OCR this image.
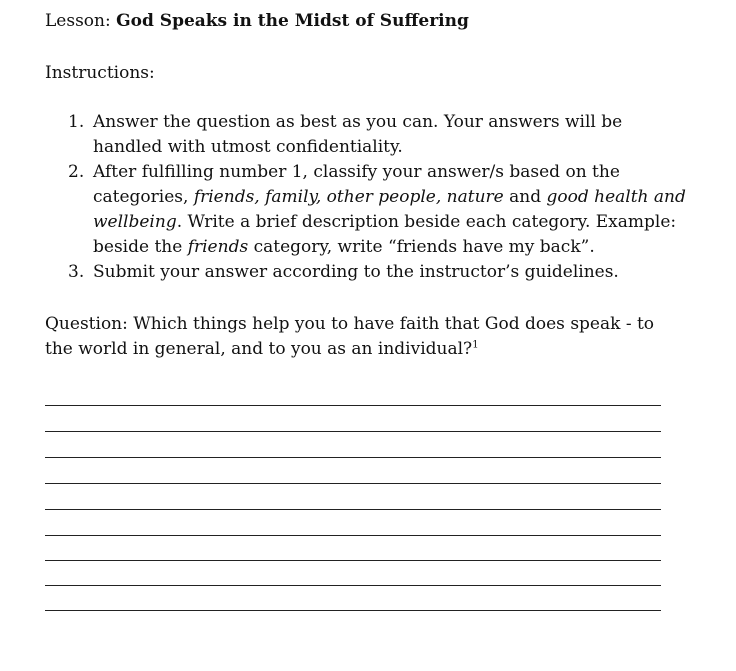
Lesson: God Speaks in the Midst of Suffering
Instructions:
1. Answer the question as best as you can. Your answers will be handled with utmost confidentiality.
2. After fulfilling number 1, classify your answer/s based on the categories, friends, family, other people, nature and good health and wellbeing. Write a brief description beside each category. Example: beside the friends category, write “friends have my back”.
3. Submit your answer according to the instructor’s guidelines.
Question: Which things help you to have faith that God does speak - to the world in general, and to you as an individual?$^1$
